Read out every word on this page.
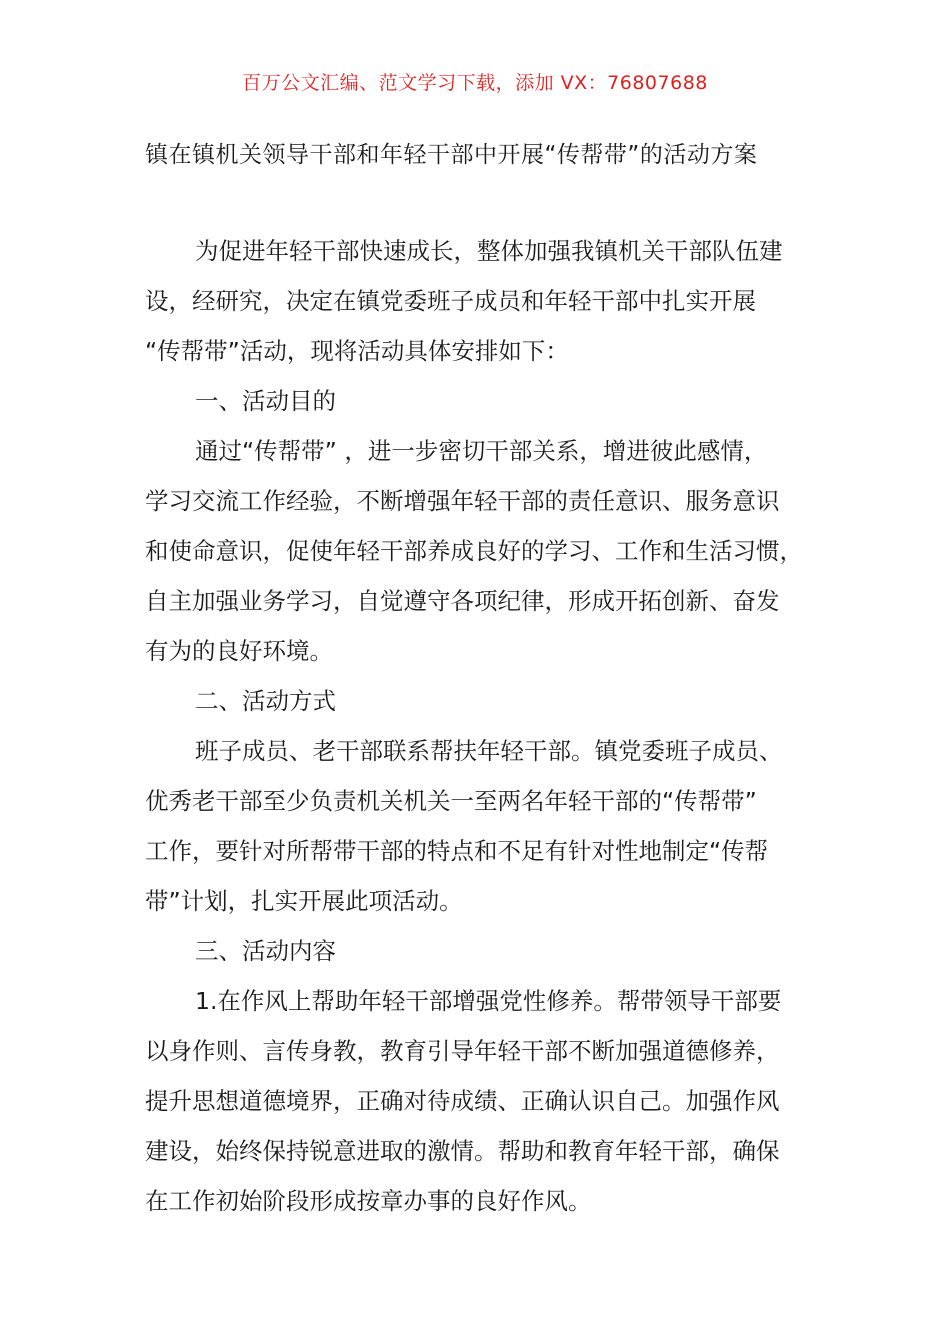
百万公文汇编、范文学习下载，添加 VX：76807688
镇在镇机关领导干部和年轻干部中开展“传帮带”的活动方案
为促进年轻干部快速成长，整体加强我镇机关干部队伍建
设，经研究，决定在镇党委班子成员和年轻干部中扎实开展
“传帮带”活动，现将活动具体安排如下：
一、活动目的
通过“传帮带” ，进一步密切干部关系，增进彼此感情，
学习交流工作经验，不断增强年轻干部的责任意识、服务意识
和使命意识，促使年轻干部养成良好的学习、工作和生活习惯，
自主加强业务学习，自觉遵守各项纪律，形成开拓创新、奋发
有为的良好环境。
二、活动方式
班子成员、老干部联系帮扶年轻干部。镇党委班子成员、
优秀老干部至少负责机关机关一至两名年轻干部的“传帮带”
工作，要针对所帮带干部的特点和不足有针对性地制定“传帮
带”计划，扎实开展此项活动。
三、活动内容
1.在作风上帮助年轻干部增强党性修养。帮带领导干部要
以身作则、言传身教，教育引导年轻干部不断加强道德修养，
提升思想道德境界，正确对待成绩、正确认识自己。加强作风
建设，始终保持锐意进取的激情。帮助和教育年轻干部，确保
在工作初始阶段形成按章办事的良好作风。
